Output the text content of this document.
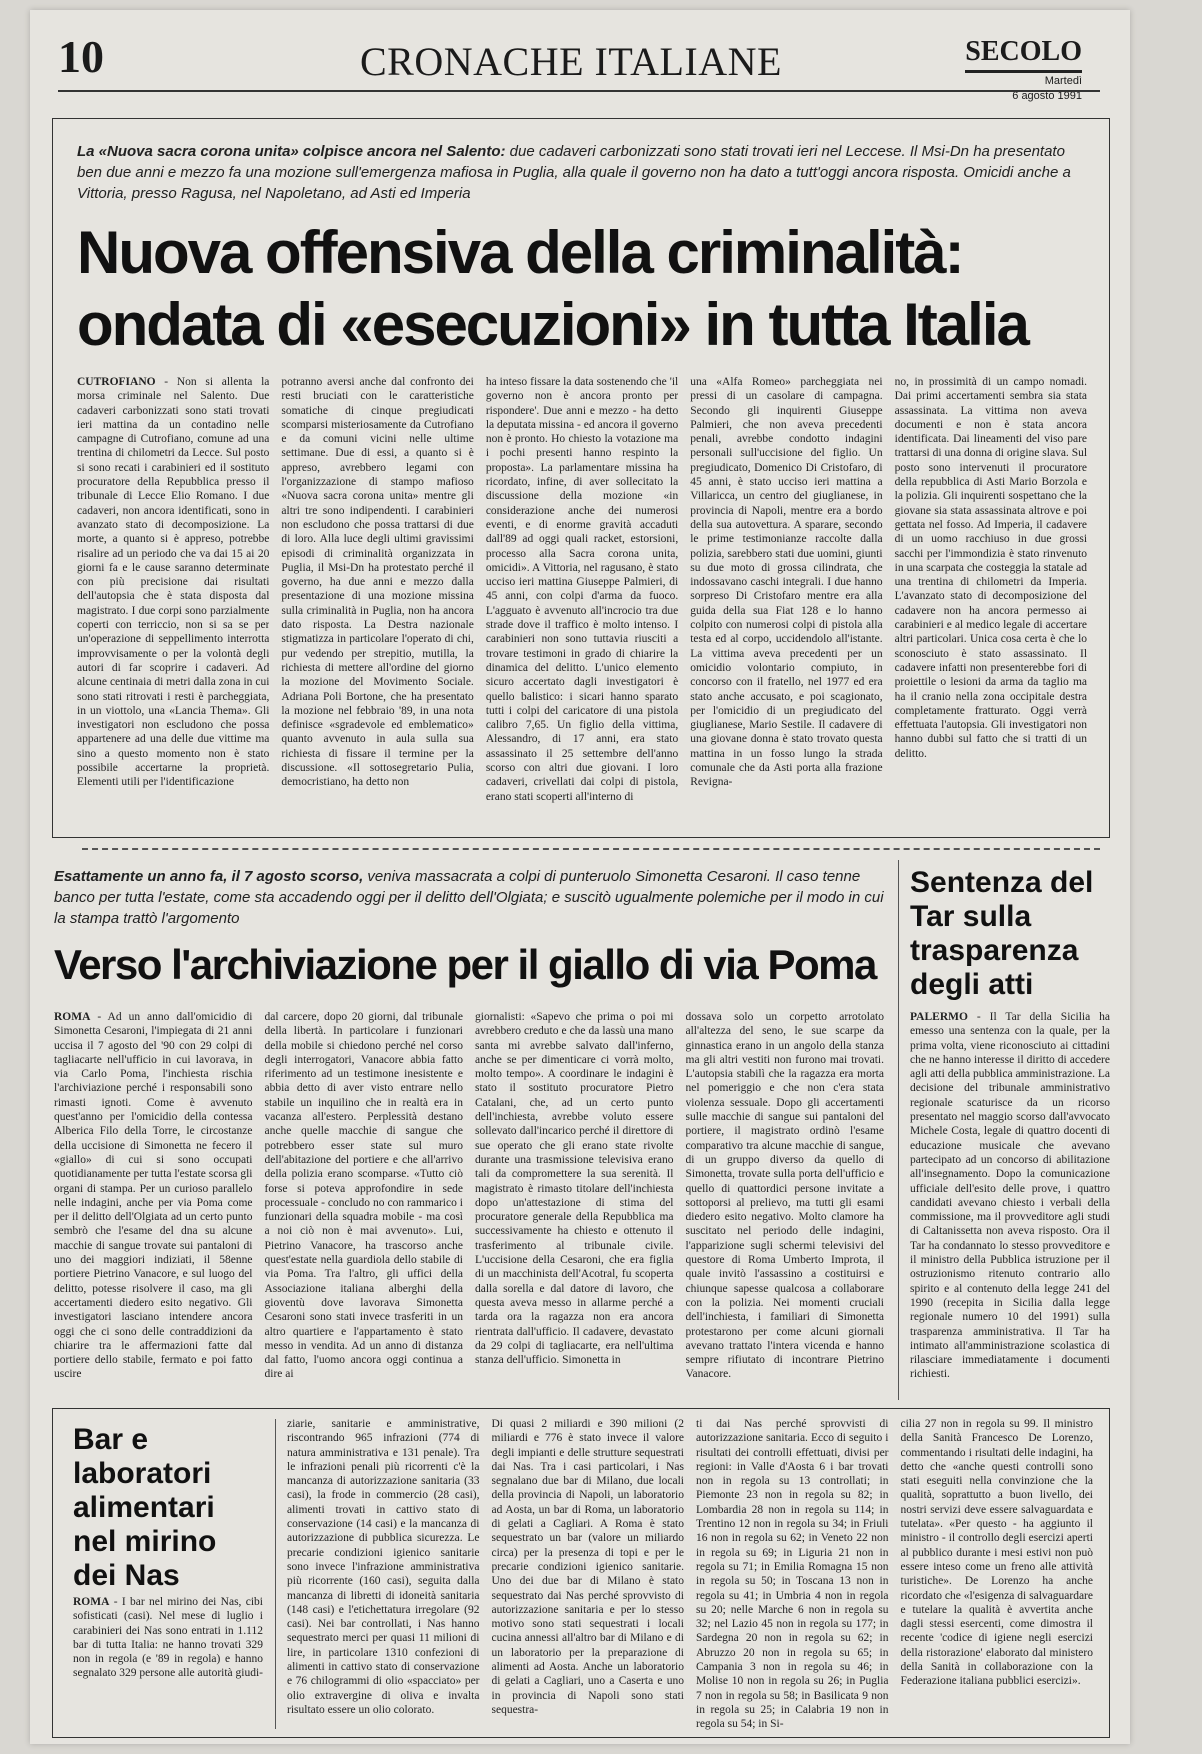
10	CRONACHE ITALIANE	SECOLO
Martedì
6 agosto 1991
La «Nuova sacra corona unita» colpisce ancora nel Salento: due cadaveri carbonizzati sono stati trovati ieri nel Leccese. Il Msi-Dn ha presentato ben due anni e mezzo fa una mozione sull'emergenza mafiosa in Puglia, alla quale il governo non ha dato a tutt'oggi ancora risposta. Omicidi anche a Vittoria, presso Ragusa, nel Napoletano, ad Asti ed Imperia
Nuova offensiva della criminalità:
ondata di «esecuzioni» in tutta Italia
CUTROFIANO - Non si allenta la morsa criminale nel Salento. Due cadaveri carbonizzati sono stati trovati ieri mattina da un contadino nelle campagne di Cutrofiano, comune ad una trentina di chilometri da Lecce. Sul posto si sono recati i carabinieri ed il sostituto procuratore della Repubblica presso il tribunale di Lecce Elio Romano. I due cadaveri, non ancora identificati, sono in avanzato stato di decomposizione. La morte, a quanto si è appreso, potrebbe risalire ad un periodo che va dai 15 ai 20 giorni fa e le cause saranno determinate con più precisione dai risultati dell'autopsia che è stata disposta dal magistrato. I due corpi sono parzialmente coperti con terriccio, non si sa se per un'operazione di seppellimento interrotta improvvisamente o per la volontà degli autori di far scoprire i cadaveri. Ad alcune centinaia di metri dalla zona in cui sono stati ritrovati i resti è parcheggiata, in un viottolo, una «Lancia Thema». Gli investigatori non escludono che possa appartenere ad una delle due vittime ma sino a questo momento non è stato possibile accertarne la proprietà. Elementi utili per l'identificazione
potranno aversi anche dal confronto dei resti bruciati con le caratteristiche somatiche di cinque pregiudicati scomparsi misteriosamente da Cutrofiano e da comuni vicini nelle ultime settimane. Due di essi, a quanto si è appreso, avrebbero legami con l'organizzazione di stampo mafioso «Nuova sacra corona unita» mentre gli altri tre sono indipendenti. I carabinieri non escludono che possa trattarsi di due di loro. Alla luce degli ultimi gravissimi episodi di criminalità organizzata in Puglia, il Msi-Dn ha protestato perché il governo, ha due anni e mezzo dalla presentazione di una mozione missina sulla criminalità in Puglia, non ha ancora dato risposta. La Destra nazionale stigmatizza in particolare l'operato di chi, pur vedendo per strepitio, mutilla, la richiesta di mettere all'ordine del giorno la mozione del Movimento Sociale. Adriana Poli Bortone, che ha presentato la mozione nel febbraio '89, in una nota definisce «sgradevole ed emblematico» quanto avvenuto in aula sulla sua richiesta di fissare il termine per la discussione. «Il sottosegretario Pulia, democristiano, ha detto non
ha inteso fissare la data sostenendo che 'il governo non è ancora pronto per rispondere'. Due anni e mezzo - ha detto la deputata missina - ed ancora il governo non è pronto. Ho chiesto la votazione ma i pochi presenti hanno respinto la proposta». La parlamentare missina ha ricordato, infine, di aver sollecitato la discussione della mozione «in considerazione anche dei numerosi eventi, e di enorme gravità accaduti dall'89 ad oggi quali racket, estorsioni, processo alla Sacra corona unita, omicidi». A Vittoria, nel ragusano, è stato ucciso ieri mattina Giuseppe Palmieri, di 45 anni, con colpi d'arma da fuoco. L'agguato è avvenuto all'incrocio tra due strade dove il traffico è molto intenso. I carabinieri non sono tuttavia riusciti a trovare testimoni in grado di chiarire la dinamica del delitto. L'unico elemento sicuro accertato dagli investigatori è quello balistico: i sicari hanno sparato tutti i colpi del caricatore di una pistola calibro 7,65. Un figlio della vittima, Alessandro, di 17 anni, era stato assassinato il 25 settembre dell'anno scorso con altri due giovani. I loro cadaveri, crivellati dai colpi di pistola, erano stati scoperti all'interno di
una «Alfa Romeo» parcheggiata nei pressi di un casolare di campagna. Secondo gli inquirenti Giuseppe Palmieri, che non aveva precedenti penali, avrebbe condotto indagini personali sull'uccisione del figlio. Un pregiudicato, Domenico Di Cristofaro, di 45 anni, è stato ucciso ieri mattina a Villaricca, un centro del giuglianese, in provincia di Napoli, mentre era a bordo della sua autovettura. A sparare, secondo le prime testimonianze raccolte dalla polizia, sarebbero stati due uomini, giunti su due moto di grossa cilindrata, che indossavano caschi integrali. I due hanno sorpreso Di Cristofaro mentre era alla guida della sua Fiat 128 e lo hanno colpito con numerosi colpi di pistola alla testa ed al corpo, uccidendolo all'istante. La vittima aveva precedenti per un omicidio volontario compiuto, in concorso con il fratello, nel 1977 ed era stato anche accusato, e poi scagionato, per l'omicidio di un pregiudicato del giuglianese, Mario Sestile. Il cadavere di una giovane donna è stato trovato questa mattina in un fosso lungo la strada comunale che da Asti porta alla frazione Revigna-
no, in prossimità di un campo nomadi. Dai primi accertamenti sembra sia stata assassinata. La vittima non aveva documenti e non è stata ancora identificata. Dai lineamenti del viso pare trattarsi di una donna di origine slava. Sul posto sono intervenuti il procuratore della repubblica di Asti Mario Borzola e la polizia. Gli inquirenti sospettano che la giovane sia stata assassinata altrove e poi gettata nel fosso. Ad Imperia, il cadavere di un uomo racchiuso in due grossi sacchi per l'immondizia è stato rinvenuto in una scarpata che costeggia la statale ad una trentina di chilometri da Imperia. L'avanzato stato di decomposizione del cadavere non ha ancora permesso ai carabinieri e al medico legale di accertare altri particolari. Unica cosa certa è che lo sconosciuto è stato assassinato. Il cadavere infatti non presenterebbe fori di proiettile o lesioni da arma da taglio ma ha il cranio nella zona occipitale destra completamente fratturato. Oggi verrà effettuata l'autopsia. Gli investigatori non hanno dubbi sul fatto che si tratti di un delitto.
Esattamente un anno fa, il 7 agosto scorso, veniva massacrata a colpi di punteruolo Simonetta Cesaroni. Il caso tenne banco per tutta l'estate, come sta accadendo oggi per il delitto dell'Olgiata; e suscitò ugualmente polemiche per il modo in cui la stampa trattò l'argomento
Verso l'archiviazione per il giallo di via Poma
ROMA - Ad un anno dall'omicidio di Simonetta Cesaroni, l'impiegata di 21 anni uccisa il 7 agosto del '90 con 29 colpi di tagliacarte nell'ufficio in cui lavorava, in via Carlo Poma, l'inchiesta rischia l'archiviazione perché i responsabili sono rimasti ignoti. Come è avvenuto quest'anno per l'omicidio della contessa Alberica Filo della Torre, le circostanze della uccisione di Simonetta ne fecero il «giallo» di cui si sono occupati quotidianamente per tutta l'estate scorsa gli organi di stampa. Per un curioso parallelo nelle indagini, anche per via Poma come per il delitto dell'Olgiata ad un certo punto sembrò che l'esame del dna su alcune macchie di sangue trovate sui pantaloni di uno dei maggiori indiziati, il 58enne portiere Pietrino Vanacore, e sul luogo del delitto, potesse risolvere il caso, ma gli accertamenti diedero esito negativo. Gli investigatori lasciano intendere ancora oggi che ci sono delle contraddizioni da chiarire tra le affermazioni fatte dal portiere dello stabile, fermato e poi fatto uscire
dal carcere, dopo 20 giorni, dal tribunale della libertà. In particolare i funzionari della mobile si chiedono perché nel corso degli interrogatori, Vanacore abbia fatto riferimento ad un testimone inesistente e abbia detto di aver visto entrare nello stabile un inquilino che in realtà era in vacanza all'estero. Perplessità destano anche quelle macchie di sangue che potrebbero esser state sul muro dell'abitazione del portiere e che all'arrivo della polizia erano scomparse. «Tutto ciò forse si poteva approfondire in sede processuale - concludo no con rammarico i funzionari della squadra mobile - ma così a noi ciò non è mai avvenuto». Lui, Pietrino Vanacore, ha trascorso anche quest'estate nella guardiola dello stabile di via Poma. Tra l'altro, gli uffici della Associazione italiana alberghi della gioventù dove lavorava Simonetta Cesaroni sono stati invece trasferiti in un altro quartiere e l'appartamento è stato messo in vendita. Ad un anno di distanza dal fatto, l'uomo ancora oggi continua a dire ai
giornalisti: «Sapevo che prima o poi mi avrebbero creduto e che da lassù una mano santa mi avrebbe salvato dall'inferno, anche se per dimenticare ci vorrà molto, molto tempo». A coordinare le indagini è stato il sostituto procuratore Pietro Catalani, che, ad un certo punto dell'inchiesta, avrebbe voluto essere sollevato dall'incarico perché il direttore di sue operato che gli erano state rivolte durante una trasmissione televisiva erano tali da compromettere la sua serenità. Il magistrato è rimasto titolare dell'inchiesta dopo un'attestazione di stima del procuratore generale della Repubblica ma successivamente ha chiesto e ottenuto il trasferimento al tribunale civile. L'uccisione della Cesaroni, che era figlia di un macchinista dell'Acotral, fu scoperta dalla sorella e dal datore di lavoro, che questa aveva messo in allarme perché a tarda ora la ragazza non era ancora rientrata dall'ufficio. Il cadavere, devastato da 29 colpi di tagliacarte, era nell'ultima stanza dell'ufficio. Simonetta in
dossava solo un corpetto arrotolato all'altezza del seno, le sue scarpe da ginnastica erano in un angolo della stanza ma gli altri vestiti non furono mai trovati. L'autopsia stabilì che la ragazza era morta nel pomeriggio e che non c'era stata violenza sessuale. Dopo gli accertamenti sulle macchie di sangue sui pantaloni del portiere, il magistrato ordinò l'esame comparativo tra alcune macchie di sangue, di un gruppo diverso da quello di Simonetta, trovate sulla porta dell'ufficio e quello di quattordici persone invitate a sottoporsi al prelievo, ma tutti gli esami diedero esito negativo. Molto clamore ha suscitato nel periodo delle indagini, l'apparizione sugli schermi televisivi del questore di Roma Umberto Improta, il quale invitò l'assassino a costituirsi e chiunque sapesse qualcosa a collaborare con la polizia. Nei momenti cruciali dell'inchiesta, i familiari di Simonetta protestarono per come alcuni giornali avevano trattato l'intera vicenda e hanno sempre rifiutato di incontrare Pietrino Vanacore.
Sentenza del Tar sulla trasparenza degli atti
PALERMO - Il Tar della Sicilia ha emesso una sentenza con la quale, per la prima volta, viene riconosciuto ai cittadini che ne hanno interesse il diritto di accedere agli atti della pubblica amministrazione. La decisione del tribunale amministrativo regionale scaturisce da un ricorso presentato nel maggio scorso dall'avvocato Michele Costa, legale di quattro docenti di educazione musicale che avevano partecipato ad un concorso di abilitazione all'insegnamento. Dopo la comunicazione ufficiale dell'esito delle prove, i quattro candidati avevano chiesto i verbali della commissione, ma il provveditore agli studi di Caltanissetta non aveva risposto. Ora il Tar ha condannato lo stesso provveditore e il ministro della Pubblica istruzione per il ostruzionismo ritenuto contrario allo spirito e al contenuto della legge 241 del 1990 (recepita in Sicilia dalla legge regionale numero 10 del 1991) sulla trasparenza amministrativa. Il Tar ha intimato all'amministrazione scolastica di rilasciare immediatamente i documenti richiesti.
Bar e laboratori alimentari nel mirino dei Nas
ROMA - I bar nel mirino dei Nas, cibi sofisticati (casi). Nel mese di luglio i carabinieri dei Nas sono entrati in 1.112 bar di tutta Italia: ne hanno trovati 329 non in regola (e '89 in regola) e hanno segnalato 329 persone alle autorità giudi-
ziarie, sanitarie e amministrative, riscontrando 965 infrazioni (774 di natura amministrativa e 131 penale). Tra le infrazioni penali più ricorrenti c'è la mancanza di autorizzazione sanitaria (33 casi), la frode in commercio (28 casi), alimenti trovati in cattivo stato di conservazione (14 casi) e la mancanza di autorizzazione di pubblica sicurezza. Le precarie condizioni igienico sanitarie sono invece l'infrazione amministrativa più ricorrente (160 casi), seguita dalla mancanza di libretti di idoneità sanitaria (148 casi) e l'etichettatura irregolare (92 casi). Nei bar controllati, i Nas hanno sequestrato merci per quasi 11 milioni di lire, in particolare 1310 confezioni di alimenti in cattivo stato di conservazione e 76 chilogrammi di olio «spacciato» per olio extravergine di oliva e invalta risultato essere un olio colorato.
Di quasi 2 miliardi e 390 milioni (2 miliardi e 776 è stato invece il valore degli impianti e delle strutture sequestrati dai Nas. Tra i casi particolari, i Nas segnalano due bar di Milano, due locali della provincia di Napoli, un laboratorio ad Aosta, un bar di Roma, un laboratorio di gelati a Cagliari. A Roma è stato sequestrato un bar (valore un miliardo circa) per la presenza di topi e per le precarie condizioni igienico sanitarie. Uno dei due bar di Milano è stato sequestrato dai Nas perché sprovvisto di autorizzazione sanitaria e per lo stesso motivo sono stati sequestrati i locali cucina annessi all'altro bar di Milano e di un laboratorio per la preparazione di alimenti ad Aosta. Anche un laboratorio di gelati a Cagliari, uno a Caserta e uno in provincia di Napoli sono stati sequestra-
ti dai Nas perché sprovvisti di autorizzazione sanitaria. Ecco di seguito i risultati dei controlli effettuati, divisi per regioni: in Valle d'Aosta 6 i bar trovati non in regola su 13 controllati; in Piemonte 23 non in regola su 82; in Lombardia 28 non in regola su 114; in Trentino 12 non in regola su 34; in Friuli 16 non in regola su 62; in Veneto 22 non in regola su 69; in Liguria 21 non in regola su 71; in Emilia Romagna 15 non in regola su 50; in Toscana 13 non in regola su 41; in Umbria 4 non in regola su 20; nelle Marche 6 non in regola su 32; nel Lazio 45 non in regola su 177; in Sardegna 20 non in regola su 62; in Abruzzo 20 non in regola su 65; in Campania 3 non in regola su 46; in Molise 10 non in regola su 26; in Puglia 7 non in regola su 58; in Basilicata 9 non in regola su 25; in Calabria 19 non in regola su 54; in Si-
cilia 27 non in regola su 99. Il ministro della Sanità Francesco De Lorenzo, commentando i risultati delle indagini, ha detto che «anche questi controlli sono stati eseguiti nella convinzione che la qualità, soprattutto a buon livello, dei nostri servizi deve essere salvaguardata e tutelata». «Per questo - ha aggiunto il ministro - il controllo degli esercizi aperti al pubblico durante i mesi estivi non può essere inteso come un freno alle attività turistiche». De Lorenzo ha anche ricordato che «l'esigenza di salvaguardare e tutelare la qualità è avvertita anche dagli stessi esercenti, come dimostra il recente 'codice di igiene negli esercizi della ristorazione' elaborato dal ministero della Sanità in collaborazione con la Federazione italiana pubblici esercizi».
